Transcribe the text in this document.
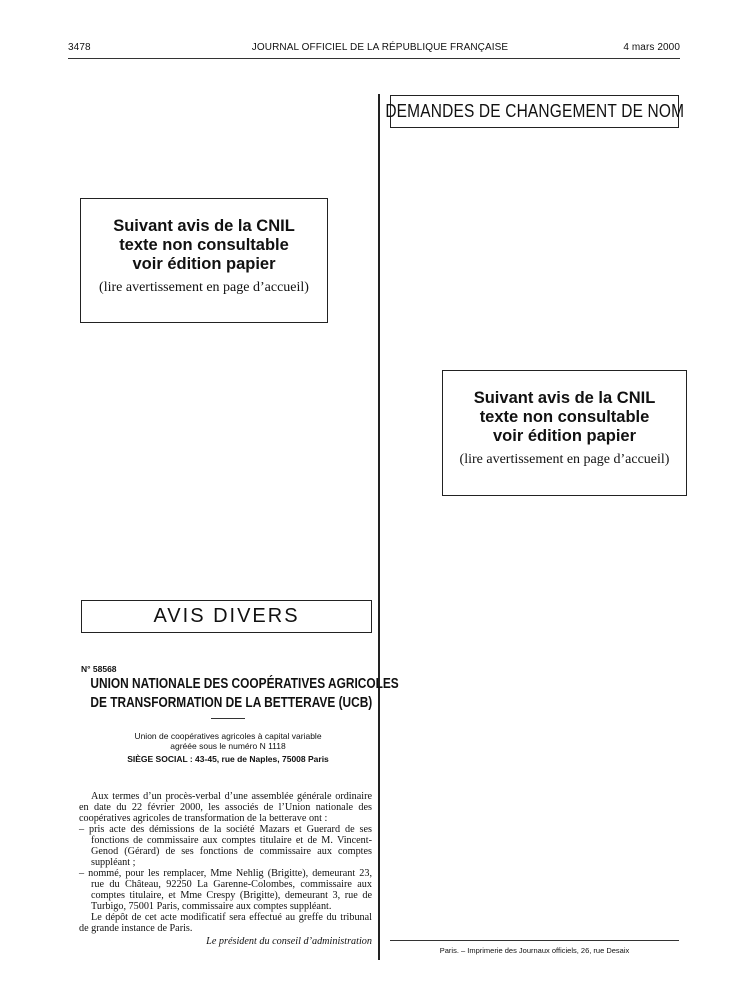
3478	JOURNAL OFFICIEL DE LA RÉPUBLIQUE FRANÇAISE	4 mars 2000
DEMANDES DE CHANGEMENT DE NOM
Suivant avis de la CNIL
texte non consultable
voir édition papier
(lire avertissement en page d’accueil)
Suivant avis de la CNIL
texte non consultable
voir édition papier
(lire avertissement en page d’accueil)
AVIS DIVERS
N° 58568
UNION NATIONALE DES COOPÉRATIVES AGRICOLES
DE TRANSFORMATION DE LA BETTERAVE (UCB)
Union de coopératives agricoles à capital variable
agréée sous le numéro N 1118
SIÈGE SOCIAL : 43-45, rue de Naples, 75008 Paris

Aux termes d’un procès-verbal d’une assemblée générale ordinaire en date du 22 février 2000, les associés de l’Union nationale des coopératives agricoles de transformation de la betterave ont :

– pris acte des démissions de la société Mazars et Guerard de ses fonctions de commissaire aux comptes titulaire et de M. Vincent-Genod (Gérard) de ses fonctions de commissaire aux comptes suppléant ;

– nommé, pour les remplacer, Mme Nehlig (Brigitte), demeurant 23, rue du Château, 92250 La Garenne-Colombes, commissaire aux comptes titulaire, et Mme Crespy (Brigitte), demeurant 3, rue de Turbigo, 75001 Paris, commissaire aux comptes suppléant.

Le dépôt de cet acte modificatif sera effectué au greffe du tribunal de grande instance de Paris.

Le président du conseil d’administration

Paris. – Imprimerie des Journaux officiels, 26, rue Desaix
